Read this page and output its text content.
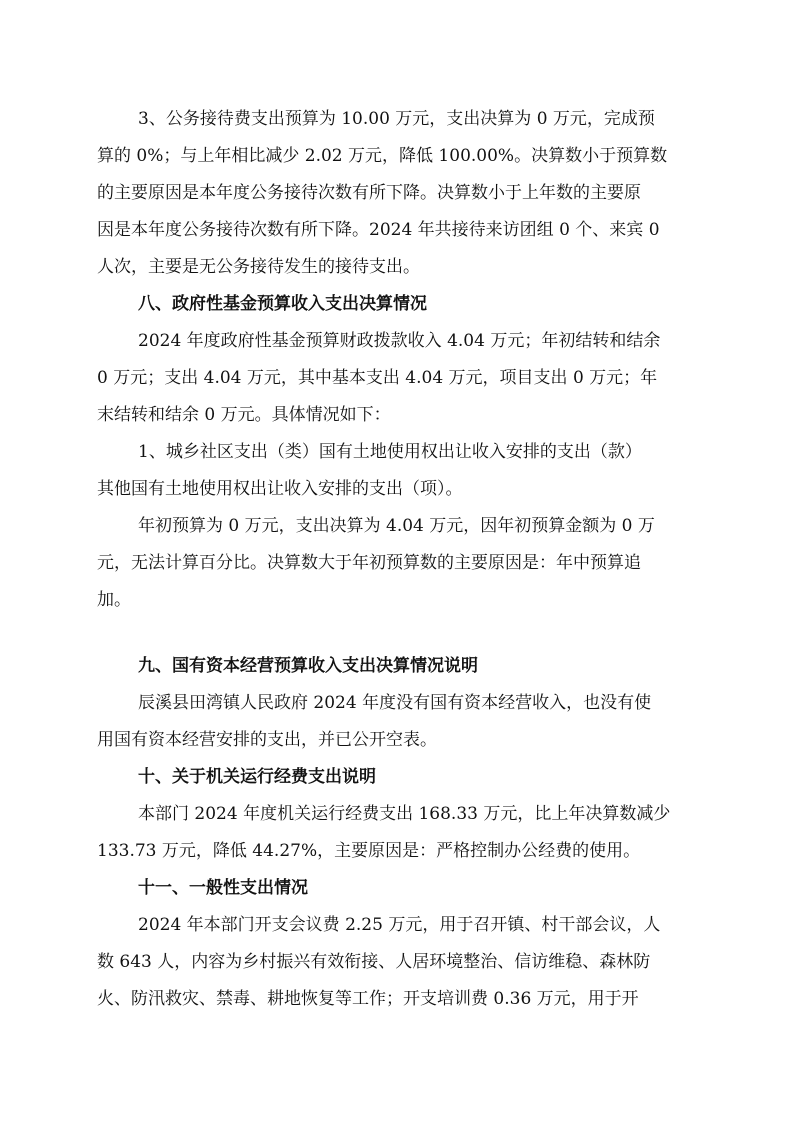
3、公务接待费支出预算为 10.00 万元，支出决算为 0 万元，完成预
算的 0%；与上年相比减少 2.02 万元，降低 100.00%。决算数小于预算数
的主要原因是本年度公务接待次数有所下降。决算数小于上年数的主要原
因是本年度公务接待次数有所下降。2024 年共接待来访团组 0 个、来宾 0
人次，主要是无公务接待发生的接待支出。
八、政府性基金预算收入支出决算情况
2024 年度政府性基金预算财政拨款收入 4.04 万元；年初结转和结余
0 万元；支出 4.04 万元，其中基本支出 4.04 万元，项目支出 0 万元；年
末结转和结余 0 万元。具体情况如下：
1、城乡社区支出（类）国有土地使用权出让收入安排的支出（款）
其他国有土地使用权出让收入安排的支出（项）。
年初预算为 0 万元，支出决算为 4.04 万元，因年初预算金额为 0 万
元，无法计算百分比。决算数大于年初预算数的主要原因是：年中预算追
加。
九、国有资本经营预算收入支出决算情况说明
辰溪县田湾镇人民政府 2024 年度没有国有资本经营收入，也没有使
用国有资本经营安排的支出，并已公开空表。
十、关于机关运行经费支出说明
本部门 2024 年度机关运行经费支出 168.33 万元，比上年决算数减少
133.73 万元，降低 44.27%，主要原因是：严格控制办公经费的使用。
十一、一般性支出情况
2024 年本部门开支会议费 2.25 万元，用于召开镇、村干部会议，人
数 643 人，内容为乡村振兴有效衔接、人居环境整治、信访维稳、森林防
火、防汛救灾、禁毒、耕地恢复等工作；开支培训费 0.36 万元，用于开
